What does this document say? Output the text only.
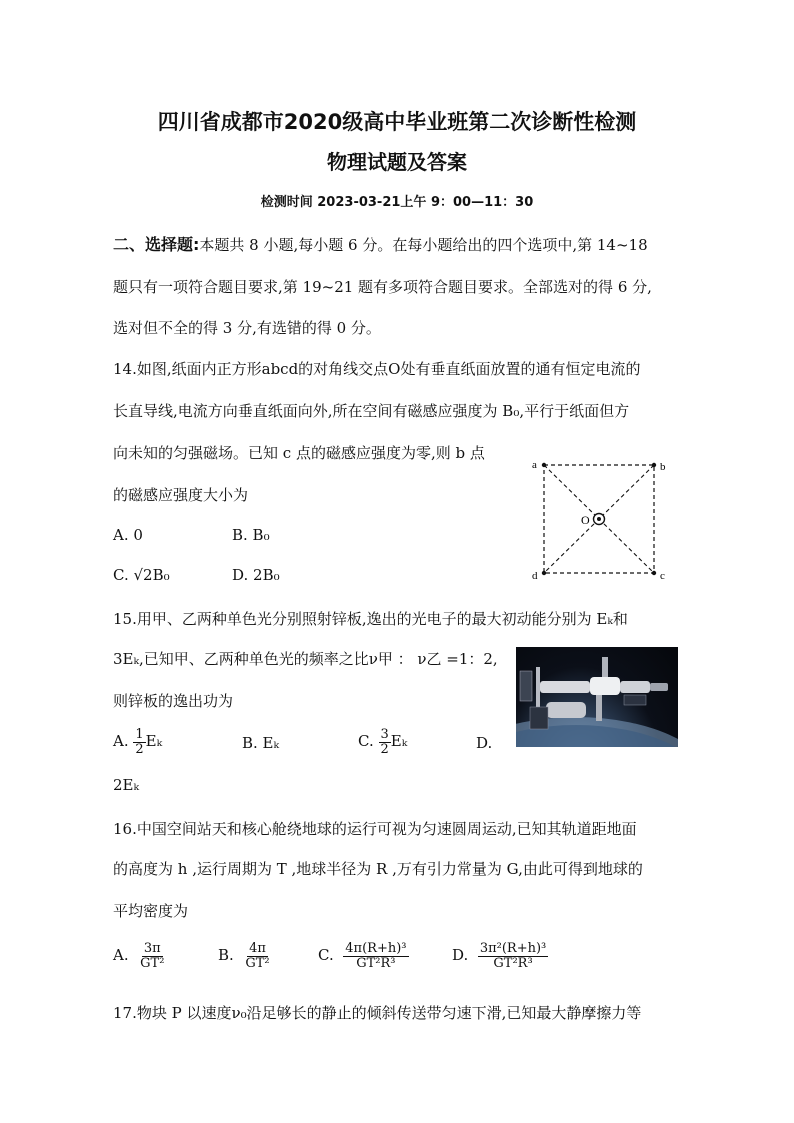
四川省成都市2020级高中毕业班第二次诊断性检测
物理试题及答案
检测时间 2023-03-21上午 9：00—11：30
二、选择题:本题共 8 小题,每小题 6 分。在每小题给出的四个选项中,第 14~18
题只有一项符合题目要求,第 19~21 题有多项符合题目要求。全部选对的得 6 分,
选对但不全的得 3 分,有选错的得 0 分。
14.如图,纸面内正方形abcd的对角线交点O处有垂直纸面放置的通有恒定电流的
长直导线,电流方向垂直纸面向外,所在空间有磁感应强度为 B₀,平行于纸面但方
向未知的匀强磁场。已知 c 点的磁感应强度为零,则 b 点
的磁感应强度大小为
A. 0	B. B₀
C. √2B₀	D. 2B₀
a	b
c
d
O
15.用甲、乙两种单色光分别照射锌板,逸出的光电子的最大初动能分别为 Eₖ和
3Eₖ,已知甲、乙两种单色光的频率之比ν甲 ： ν乙 =1：2,
则锌板的逸出功为
A. $\frac{1}{2}$ Eₖ	B. Eₖ	C. $\frac{3}{2}$ Eₖ	D.
2Eₖ
16.中国空间站天和核心舱绕地球的运行可视为匀速圆周运动,已知其轨道距地面
的高度为 h ,运行周期为 T ,地球半径为 R ,万有引力常量为 G,由此可得到地球的
平均密度为
A. $\frac{3\pi}{\text{GT²}}$	B. $\frac{4\pi}{\text{GT²}}$	C. $\frac{\text{4π(R+h)³}}{\text{GT²R³}}$	D. $\frac{\text{3π²(R+h)³}}{\text{GT²R³}}$
17.物块 P 以速度ν₀沿足够长的静止的倾斜传送带匀速下滑,已知最大静摩擦力等
